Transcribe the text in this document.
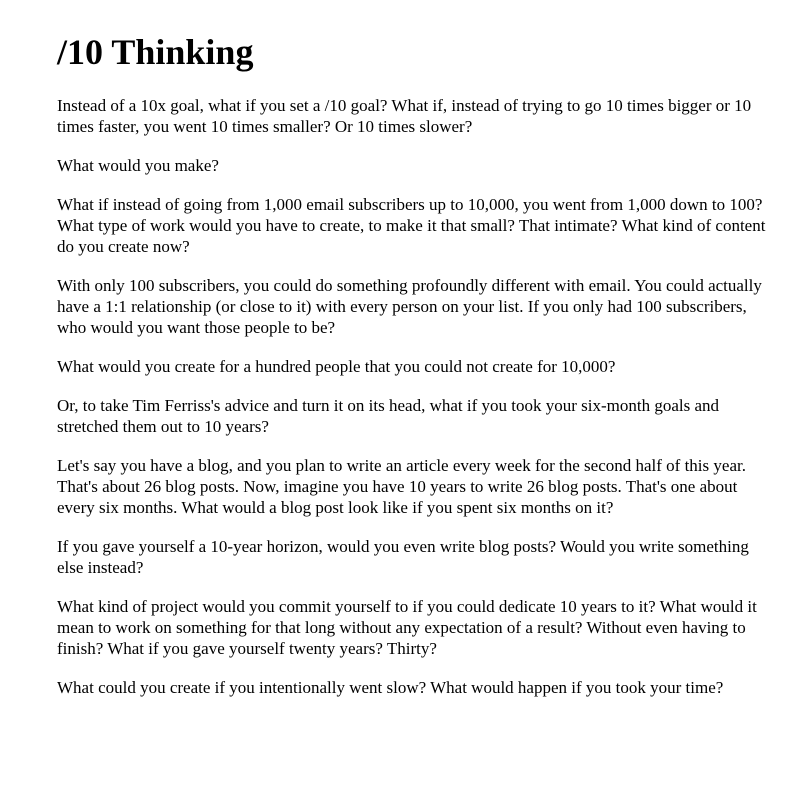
/10 Thinking

Instead of a 10x goal, what if you set a /10 goal? What if, instead of trying to go 10 times bigger or 10 times faster, you went 10 times smaller? Or 10 times slower?

What would you make?

What if instead of going from 1,000 email subscribers up to 10,000, you went from 1,000 down to 100? What type of work would you have to create, to make it that small? That intimate? What kind of content do you create now?

With only 100 subscribers, you could do something profoundly different with email. You could actually have a 1:1 relationship (or close to it) with every person on your list. If you only had 100 subscribers, who would you want those people to be?

What would you create for a hundred people that you could not create for 10,000?

Or, to take Tim Ferriss's advice and turn it on its head, what if you took your six-month goals and stretched them out to 10 years?

Let's say you have a blog, and you plan to write an article every week for the second half of this year. That's about 26 blog posts. Now, imagine you have 10 years to write 26 blog posts. That's one about every six months. What would a blog post look like if you spent six months on it?

If you gave yourself a 10-year horizon, would you even write blog posts? Would you write something else instead?

What kind of project would you commit yourself to if you could dedicate 10 years to it? What would it mean to work on something for that long without any expectation of a result? Without even having to finish? What if you gave yourself twenty years? Thirty?

What could you create if you intentionally went slow? What would happen if you took your time?
